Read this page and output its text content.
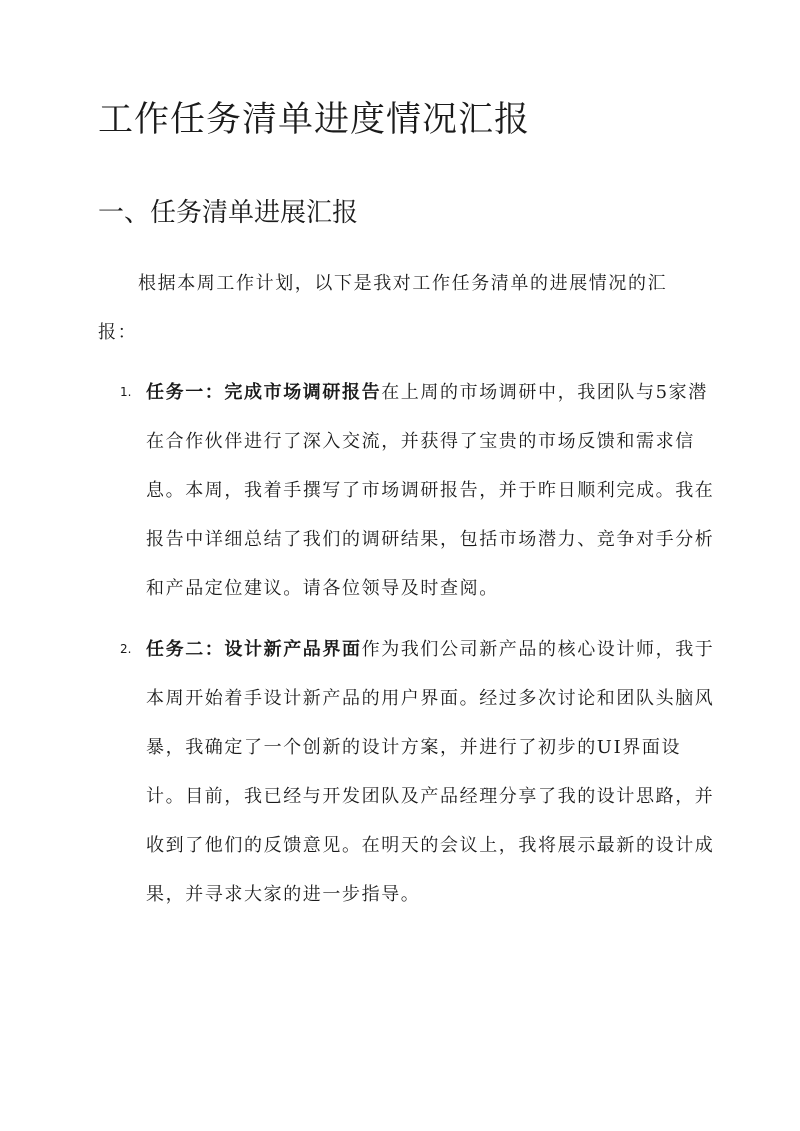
工作任务清单进度情况汇报
一、任务清单进展汇报

根据本周工作计划，以下是我对工作任务清单的进展情况的汇报：

1. 任务一：完成市场调研报告在上周的市场调研中，我团队与5家潜在合作伙伴进行了深入交流，并获得了宝贵的市场反馈和需求信息。本周，我着手撰写了市场调研报告，并于昨日顺利完成。我在报告中详细总结了我们的调研结果，包括市场潜力、竞争对手分析和产品定位建议。请各位领导及时查阅。
2. 任务二：设计新产品界面作为我们公司新产品的核心设计师，我于本周开始着手设计新产品的用户界面。经过多次讨论和团队头脑风暴，我确定了一个创新的设计方案，并进行了初步的UI界面设计。目前，我已经与开发团队及产品经理分享了我的设计思路，并收到了他们的反馈意见。在明天的会议上，我将展示最新的设计成果，并寻求大家的进一步指导。
